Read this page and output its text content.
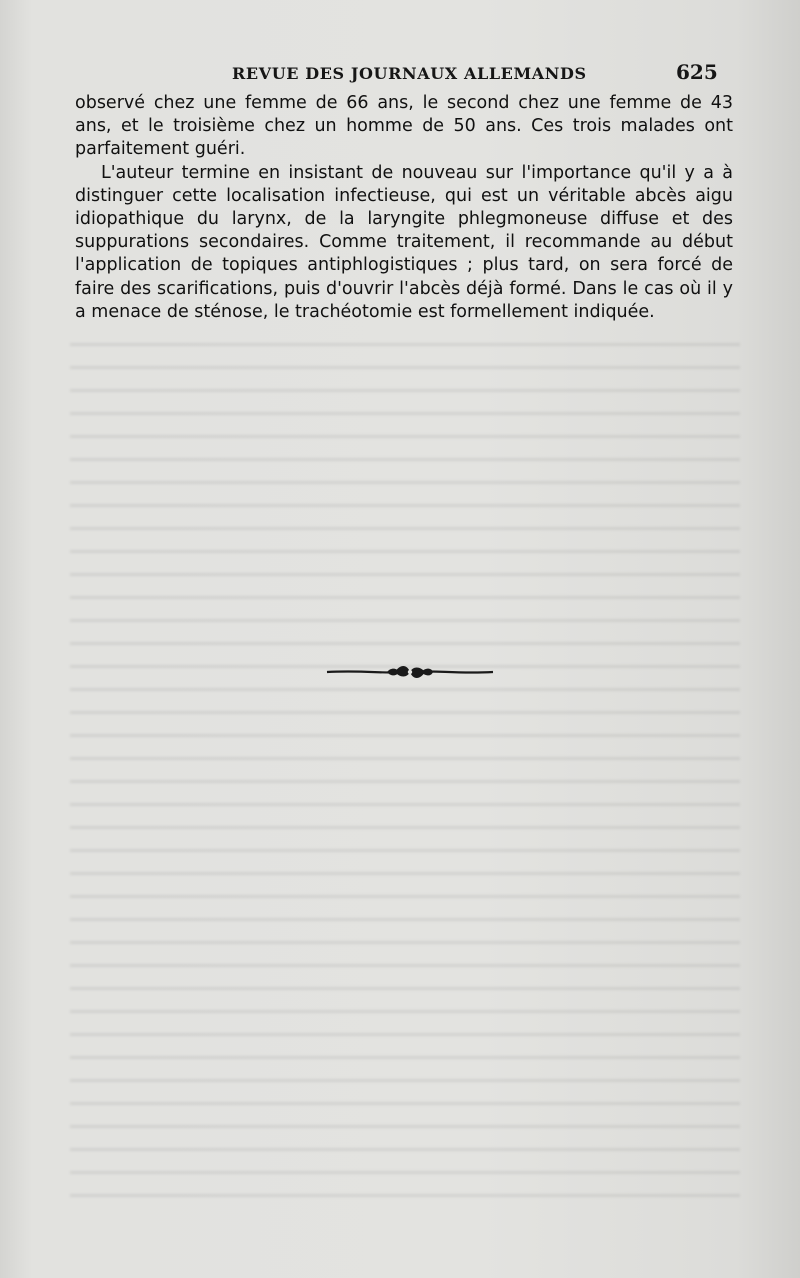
REVUE DES JOURNAUX ALLEMANDS	625

observé chez une femme de 66 ans, le second chez une femme de 43 ans, et le troisième chez un homme de 50 ans. Ces trois malades ont parfaitement guéri.

L'auteur termine en insistant de nouveau sur l'importance qu'il y a à distinguer cette localisation infectieuse, qui est un véritable abcès aigu idiopathique du larynx, de la laryngite phlegmoneuse diffuse et des suppurations secondaires. Comme traitement, il recommande au début l'application de topiques antiphlogistiques ; plus tard, on sera forcé de faire des scarifications, puis d'ouvrir l'abcès déjà formé. Dans le cas où il y a menace de sténose, le trachéotomie est formellement indiquée.
